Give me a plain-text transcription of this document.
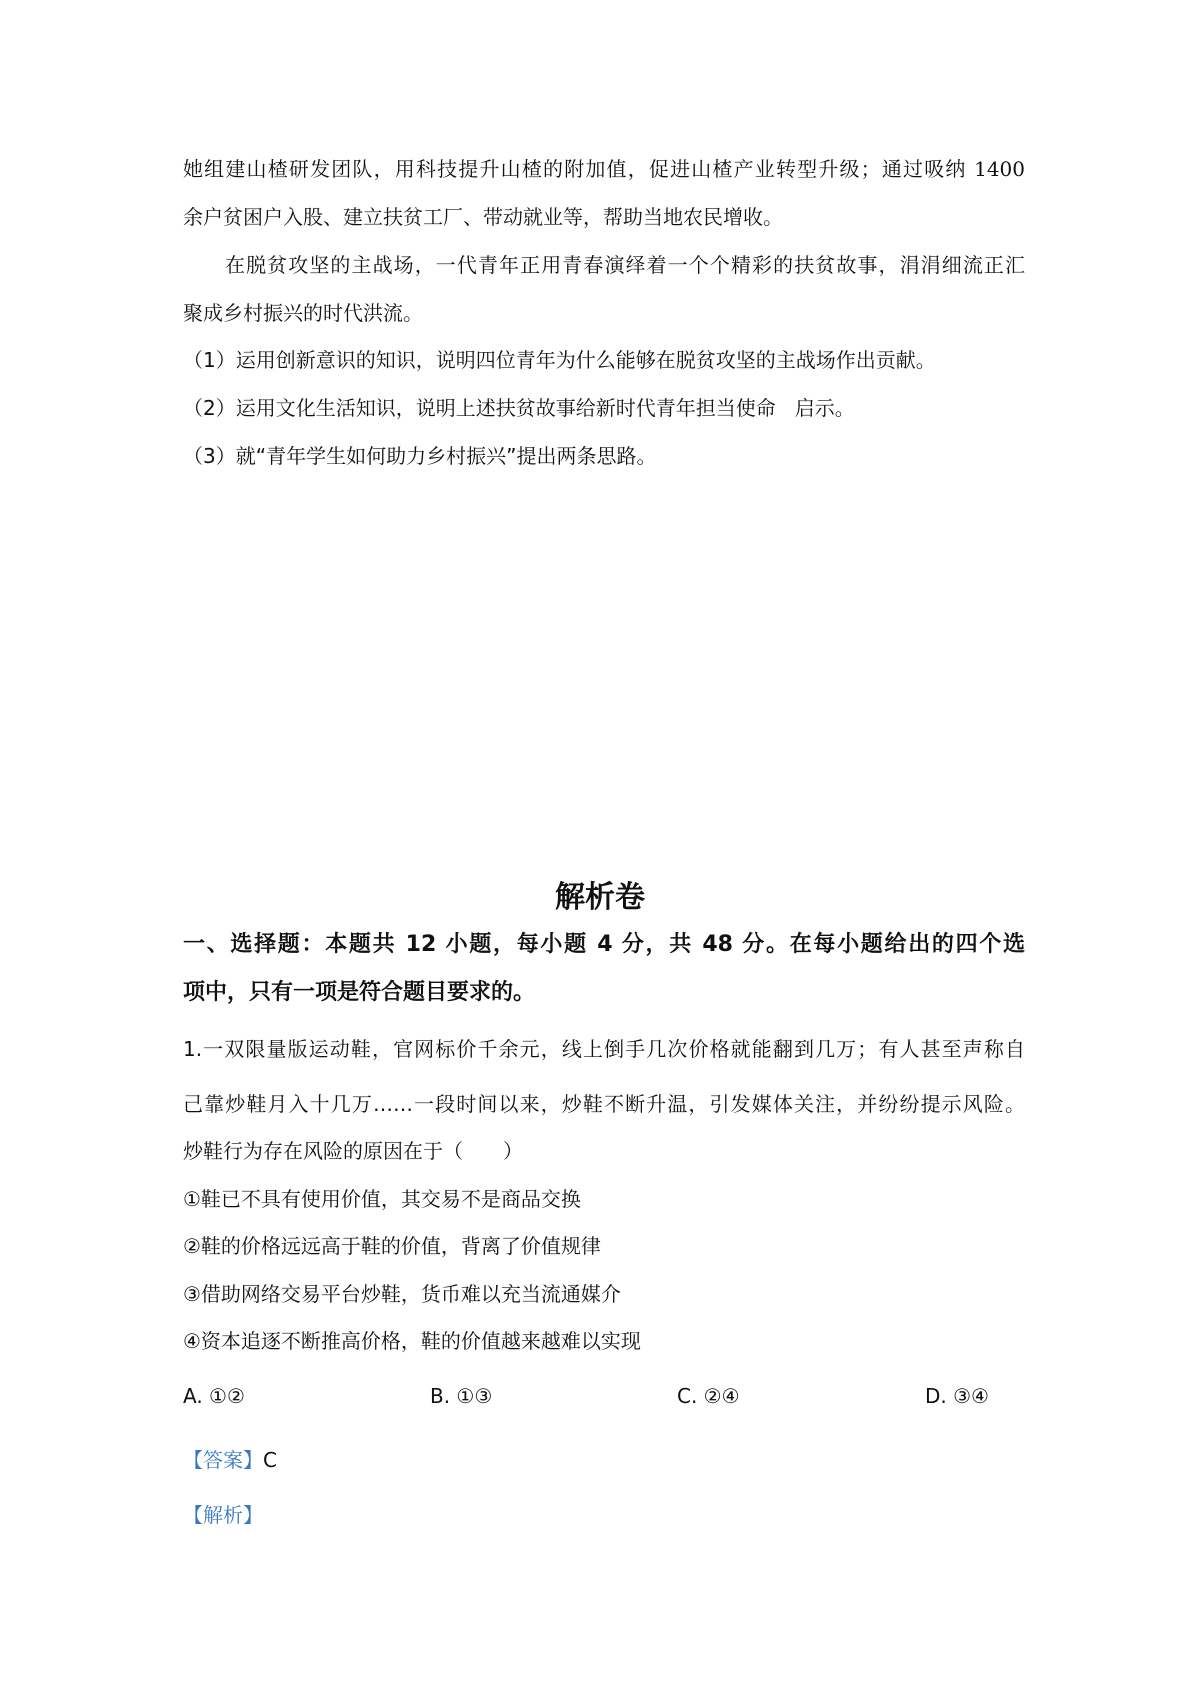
她组建山楂研发团队，用科技提升山楂的附加值，促进山楂产业转型升级；通过吸纳 1400
余户贫困户入股、建立扶贫工厂、带动就业等，帮助当地农民增收。
在脱贫攻坚的主战场，一代青年正用青春演绎着一个个精彩的扶贫故事，涓涓细流正汇
聚成乡村振兴的时代洪流。
（1）运用创新意识的知识，说明四位青年为什么能够在脱贫攻坚的主战场作出贡献。
（2）运用文化生活知识，说明上述扶贫故事给新时代青年担当使命   启示。
（3）就“青年学生如何助力乡村振兴”提出两条思路。
解析卷
一、选择题：本题共 12 小题，每小题 4 分，共 48 分。在每小题给出的四个选
项中，只有一项是符合题目要求的。
1.一双限量版运动鞋，官网标价千余元，线上倒手几次价格就能翻到几万；有人甚至声称自
己靠炒鞋月入十几万……一段时间以来，炒鞋不断升温，引发媒体关注，并纷纷提示风险。
炒鞋行为存在风险的原因在于（　　）
①鞋已不具有使用价值，其交易不是商品交换
②鞋的价格远远高于鞋的价值，背离了价值规律
③借助网络交易平台炒鞋，货币难以充当流通媒介
④资本追逐不断推高价格，鞋的价值越来越难以实现
A. ①②	B. ①③	C. ②④	D. ③④
【答案】C
【解析】
